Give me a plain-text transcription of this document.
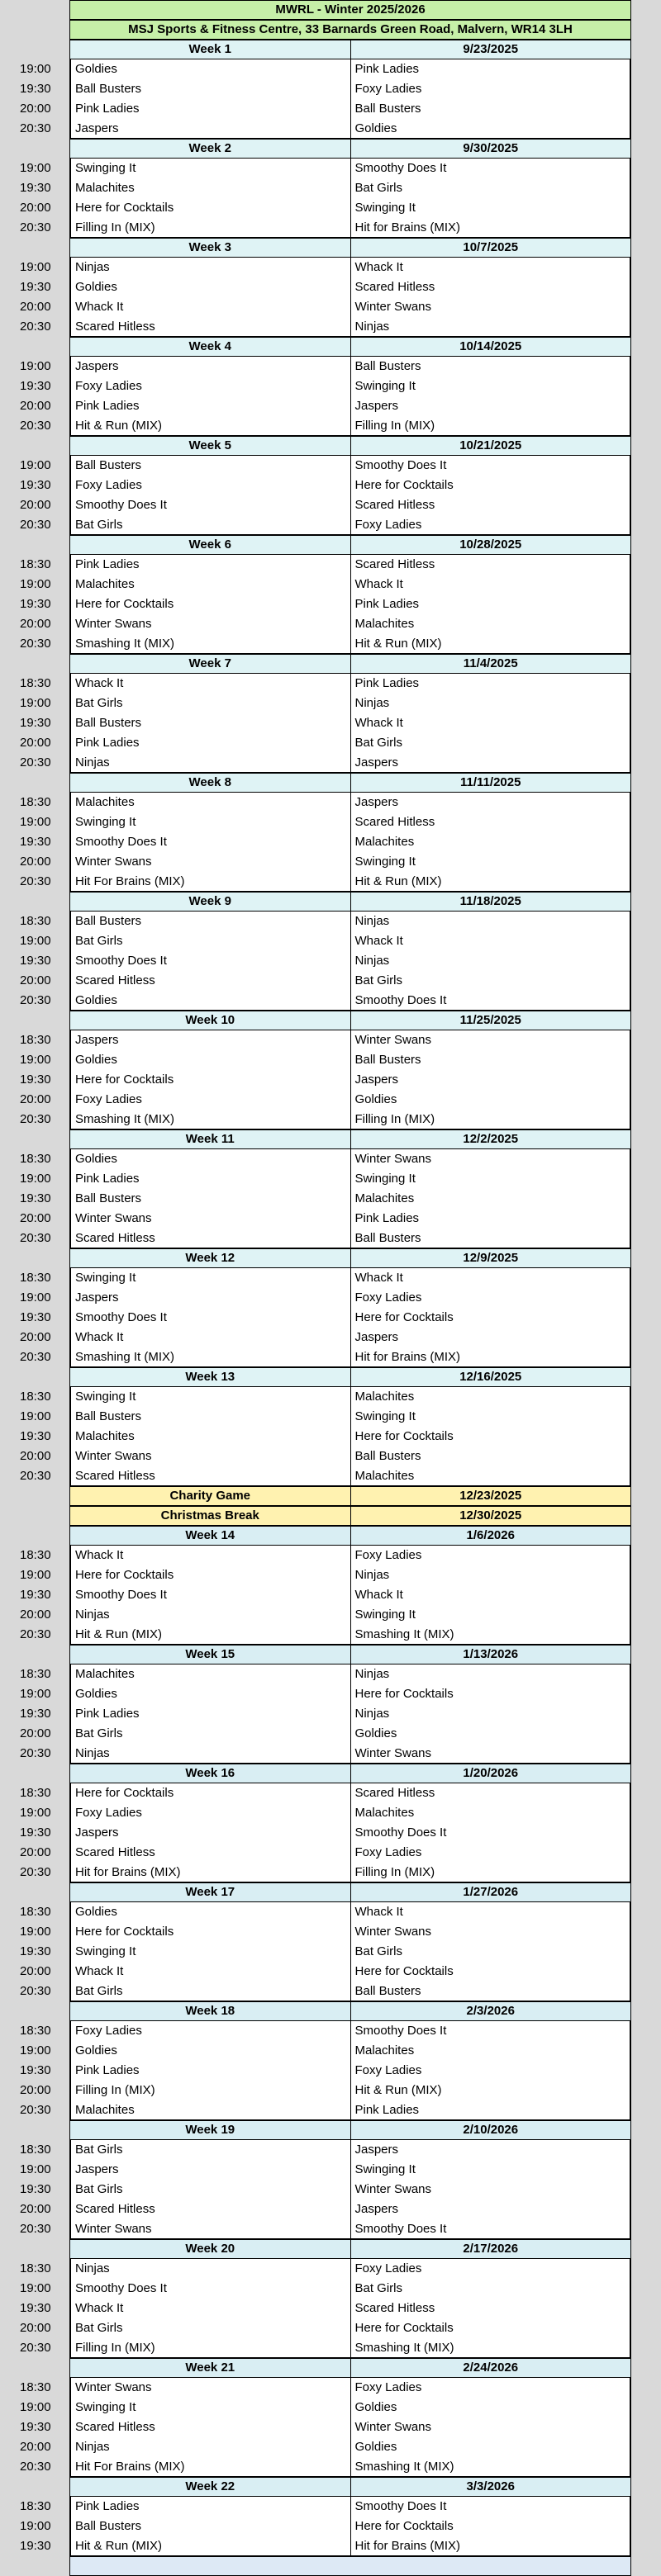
MWRL - Winter 2025/2026
MSJ Sports & Fitness Centre, 33 Barnards Green Road, Malvern, WR14 3LH
Week 1	9/23/2025
19:00	Goldies	Pink Ladies
19:30	Ball Busters	Foxy Ladies
20:00	Pink Ladies	Ball Busters
20:30	Jaspers	Goldies
Week 2	9/30/2025
19:00	Swinging It	Smoothy Does It
19:30	Malachites	Bat Girls
20:00	Here for Cocktails	Swinging It
20:30	Filling In (MIX)	Hit for Brains (MIX)
Week 3	10/7/2025
19:00	Ninjas	Whack It
19:30	Goldies	Scared Hitless
20:00	Whack It	Winter Swans
20:30	Scared Hitless	Ninjas
Week 4	10/14/2025
19:00	Jaspers	Ball Busters
19:30	Foxy Ladies	Swinging It
20:00	Pink Ladies	Jaspers
20:30	Hit & Run (MIX)	Filling In (MIX)
Week 5	10/21/2025
19:00	Ball Busters	Smoothy Does It
19:30	Foxy Ladies	Here for Cocktails
20:00	Smoothy Does It	Scared Hitless
20:30	Bat Girls	Foxy Ladies
Week 6	10/28/2025
18:30	Pink Ladies	Scared Hitless
19:00	Malachites	Whack It
19:30	Here for Cocktails	Pink Ladies
20:00	Winter Swans	Malachites
20:30	Smashing It (MIX)	Hit & Run (MIX)
Week 7	11/4/2025
18:30	Whack It	Pink Ladies
19:00	Bat Girls	Ninjas
19:30	Ball Busters	Whack It
20:00	Pink Ladies	Bat Girls
20:30	Ninjas	Jaspers
Week 8	11/11/2025
18:30	Malachites	Jaspers
19:00	Swinging It	Scared Hitless
19:30	Smoothy Does It	Malachites
20:00	Winter Swans	Swinging It
20:30	Hit For Brains (MIX)	Hit & Run (MIX)
Week 9	11/18/2025
18:30	Ball Busters	Ninjas
19:00	Bat Girls	Whack It
19:30	Smoothy Does It	Ninjas
20:00	Scared Hitless	Bat Girls
20:30	Goldies	Smoothy Does It
Week 10	11/25/2025
18:30	Jaspers	Winter Swans
19:00	Goldies	Ball Busters
19:30	Here for Cocktails	Jaspers
20:00	Foxy Ladies	Goldies
20:30	Smashing It (MIX)	Filling In (MIX)
Week 11	12/2/2025
18:30	Goldies	Winter Swans
19:00	Pink Ladies	Swinging It
19:30	Ball Busters	Malachites
20:00	Winter Swans	Pink Ladies
20:30	Scared Hitless	Ball Busters
Week 12	12/9/2025
18:30	Swinging It	Whack It
19:00	Jaspers	Foxy Ladies
19:30	Smoothy Does It	Here for Cocktails
20:00	Whack It	Jaspers
20:30	Smashing It (MIX)	Hit for Brains (MIX)
Week 13	12/16/2025
18:30	Swinging It	Malachites
19:00	Ball Busters	Swinging It
19:30	Malachites	Here for Cocktails
20:00	Winter Swans	Ball Busters
20:30	Scared Hitless	Malachites
Charity Game	12/23/2025
Christmas Break	12/30/2025
Week 14	1/6/2026
18:30	Whack It	Foxy Ladies
19:00	Here for Cocktails	Ninjas
19:30	Smoothy Does It	Whack It
20:00	Ninjas	Swinging It
20:30	Hit & Run (MIX)	Smashing It (MIX)
Week 15	1/13/2026
18:30	Malachites	Ninjas
19:00	Goldies	Here for Cocktails
19:30	Pink Ladies	Ninjas
20:00	Bat Girls	Goldies
20:30	Ninjas	Winter Swans
Week 16	1/20/2026
18:30	Here for Cocktails	Scared Hitless
19:00	Foxy Ladies	Malachites
19:30	Jaspers	Smoothy Does It
20:00	Scared Hitless	Foxy Ladies
20:30	Hit for Brains (MIX)	Filling In (MIX)
Week 17	1/27/2026
18:30	Goldies	Whack It
19:00	Here for Cocktails	Winter Swans
19:30	Swinging It	Bat Girls
20:00	Whack It	Here for Cocktails
20:30	Bat Girls	Ball Busters
Week 18	2/3/2026
18:30	Foxy Ladies	Smoothy Does It
19:00	Goldies	Malachites
19:30	Pink Ladies	Foxy Ladies
20:00	Filling In (MIX)	Hit & Run (MIX)
20:30	Malachites	Pink Ladies
Week 19	2/10/2026
18:30	Bat Girls	Jaspers
19:00	Jaspers	Swinging It
19:30	Bat Girls	Winter Swans
20:00	Scared Hitless	Jaspers
20:30	Winter Swans	Smoothy Does It
Week 20	2/17/2026
18:30	Ninjas	Foxy Ladies
19:00	Smoothy Does It	Bat Girls
19:30	Whack It	Scared Hitless
20:00	Bat Girls	Here for Cocktails
20:30	Filling In (MIX)	Smashing It (MIX)
Week 21	2/24/2026
18:30	Winter Swans	Foxy Ladies
19:00	Swinging It	Goldies
19:30	Scared Hitless	Winter Swans
20:00	Ninjas	Goldies
20:30	Hit For Brains (MIX)	Smashing It (MIX)
Week 22	3/3/2026
18:30	Pink Ladies	Smoothy Does It
19:00	Ball Busters	Here for Cocktails
19:30	Hit & Run (MIX)	Hit for Brains (MIX)
